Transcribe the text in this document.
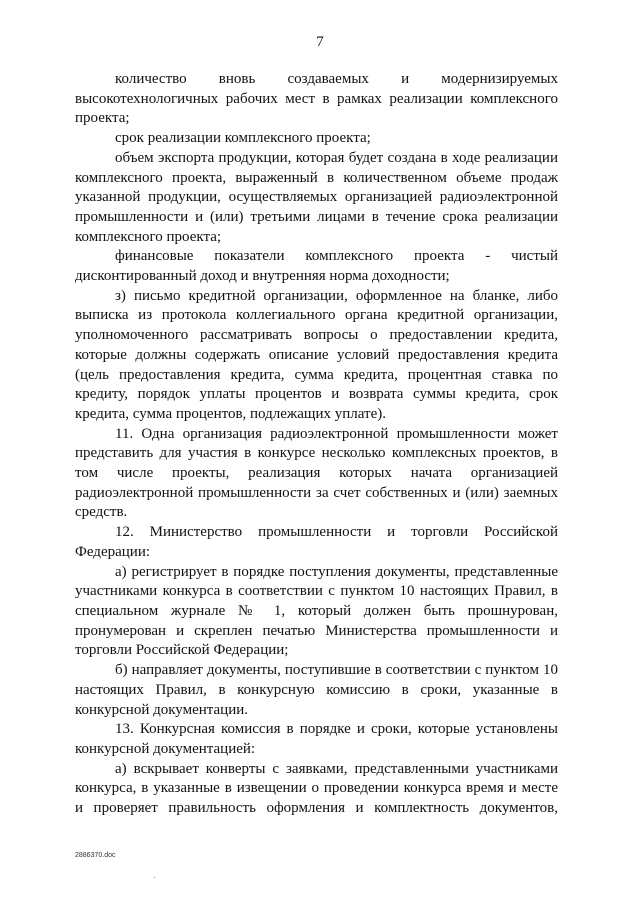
7

количество вновь создаваемых и модернизируемых высокотехнологичных рабочих мест в рамках реализации комплексного проекта;

срок реализации комплексного проекта;

объем экспорта продукции, которая будет создана в ходе реализации комплексного проекта, выраженный в количественном объеме продаж указанной продукции, осуществляемых организацией радиоэлектронной промышленности и (или) третьими лицами в течение срока реализации комплексного проекта;

финансовые показатели комплексного проекта - чистый дисконтированный доход и внутренняя норма доходности;

з) письмо кредитной организации, оформленное на бланке, либо выписка из протокола коллегиального органа кредитной организации, уполномоченного рассматривать вопросы о предоставлении кредита, которые должны содержать описание условий предоставления кредита (цель предоставления кредита, сумма кредита, процентная ставка по кредиту, порядок уплаты процентов и возврата суммы кредита, срок кредита, сумма процентов, подлежащих уплате).

11. Одна организация радиоэлектронной промышленности может представить для участия в конкурсе несколько комплексных проектов, в том числе проекты, реализация которых начата организацией радиоэлектронной промышленности за счет собственных и (или) заемных средств.

12. Министерство промышленности и торговли Российской Федерации:

а) регистрирует в порядке поступления документы, представленные участниками конкурса в соответствии с пунктом 10 настоящих Правил, в специальном журнале № 1, который должен быть прошнурован, пронумерован и скреплен печатью Министерства промышленности и торговли Российской Федерации;

б) направляет документы, поступившие в соответствии с пунктом 10 настоящих Правил, в конкурсную комиссию в сроки, указанные в конкурсной документации.

13. Конкурсная комиссия в порядке и сроки, которые установлены конкурсной документацией:

а) вскрывает конверты с заявками, представленными участниками конкурса, в указанные в извещении о проведении конкурса время и месте и проверяет правильность оформления и комплектность документов,

2886370.doc
